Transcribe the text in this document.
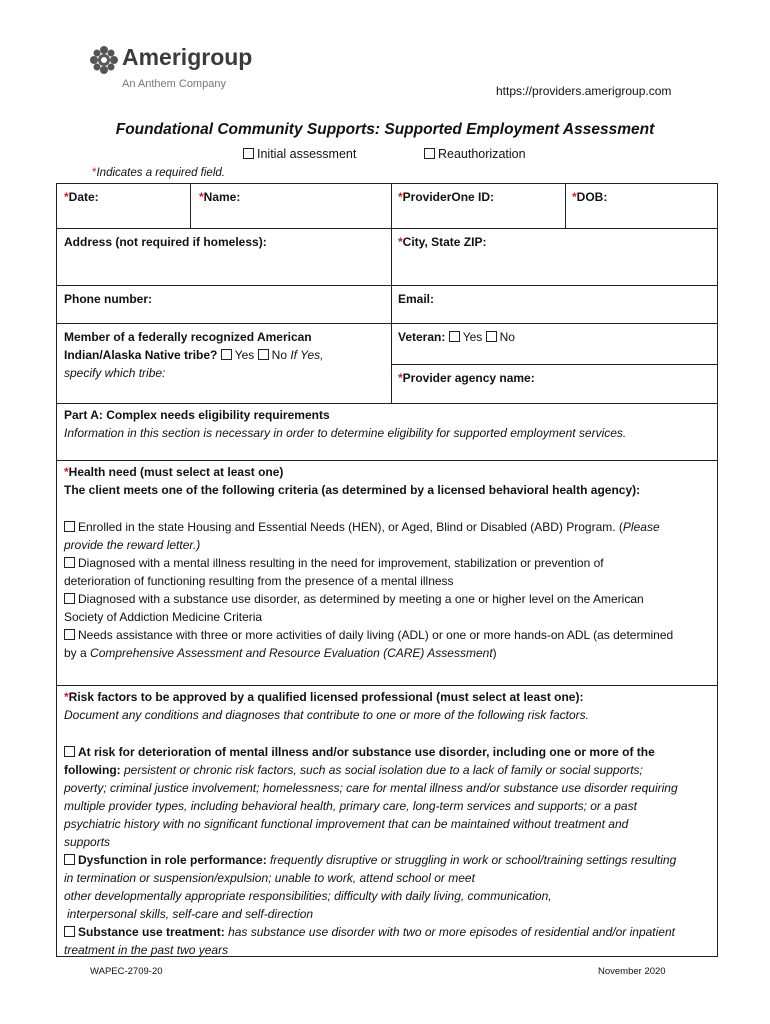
Amerigroup
An Anthem Company	https://providers.amerigroup.com
Foundational Community Supports: Supported Employment Assessment
Initial assessment	Reauthorization
*Indicates a required field.
*Date:	*Name:	*ProviderOne ID:	*DOB:
Address (not required if homeless):	*City, State ZIP:
Phone number:	Email:

Member of a federally recognized American

Indian/Alaska Native tribe? Yes No If Yes,

specify which tribe:

Veteran: Yes No
*Provider agency name:

Part A: Complex needs eligibility requirements

Information in this section is necessary in order to determine eligibility for supported employment services.

*Health need (must select at least one)

The client meets one of the following criteria (as determined by a licensed behavioral health agency):

Enrolled in the state Housing and Essential Needs (HEN), or Aged, Blind or Disabled (ABD) Program. (Please

provide the reward letter.)

Diagnosed with a mental illness resulting in the need for improvement, stabilization or prevention of

deterioration of functioning resulting from the presence of a mental illness

Diagnosed with a substance use disorder, as determined by meeting a one or higher level on the American

Society of Addiction Medicine Criteria

Needs assistance with three or more activities of daily living (ADL) or one or more hands-on ADL (as determined

by a Comprehensive Assessment and Resource Evaluation (CARE) Assessment)

*Risk factors to be approved by a qualified licensed professional (must select at least one):

Document any conditions and diagnoses that contribute to one or more of the following risk factors.

At risk for deterioration of mental illness and/or substance use disorder, including one or more of the

following: persistent or chronic risk factors, such as social isolation due to a lack of family or social supports;

poverty; criminal justice involvement; homelessness; care for mental illness and/or substance use disorder requiring

multiple provider types, including behavioral health, primary care, long-term services and supports; or a past

psychiatric history with no significant functional improvement that can be maintained without treatment and

supports

Dysfunction in role performance: frequently disruptive or struggling in work or school/training settings resulting

in termination or suspension/expulsion; unable to work, attend school or meet

other developmentally appropriate responsibilities; difficulty with daily living, communication,

interpersonal skills, self-care and self-direction

Substance use treatment: has substance use disorder with two or more episodes of residential and/or inpatient

treatment in the past two years

WAPEC-2709-20	November 2020
